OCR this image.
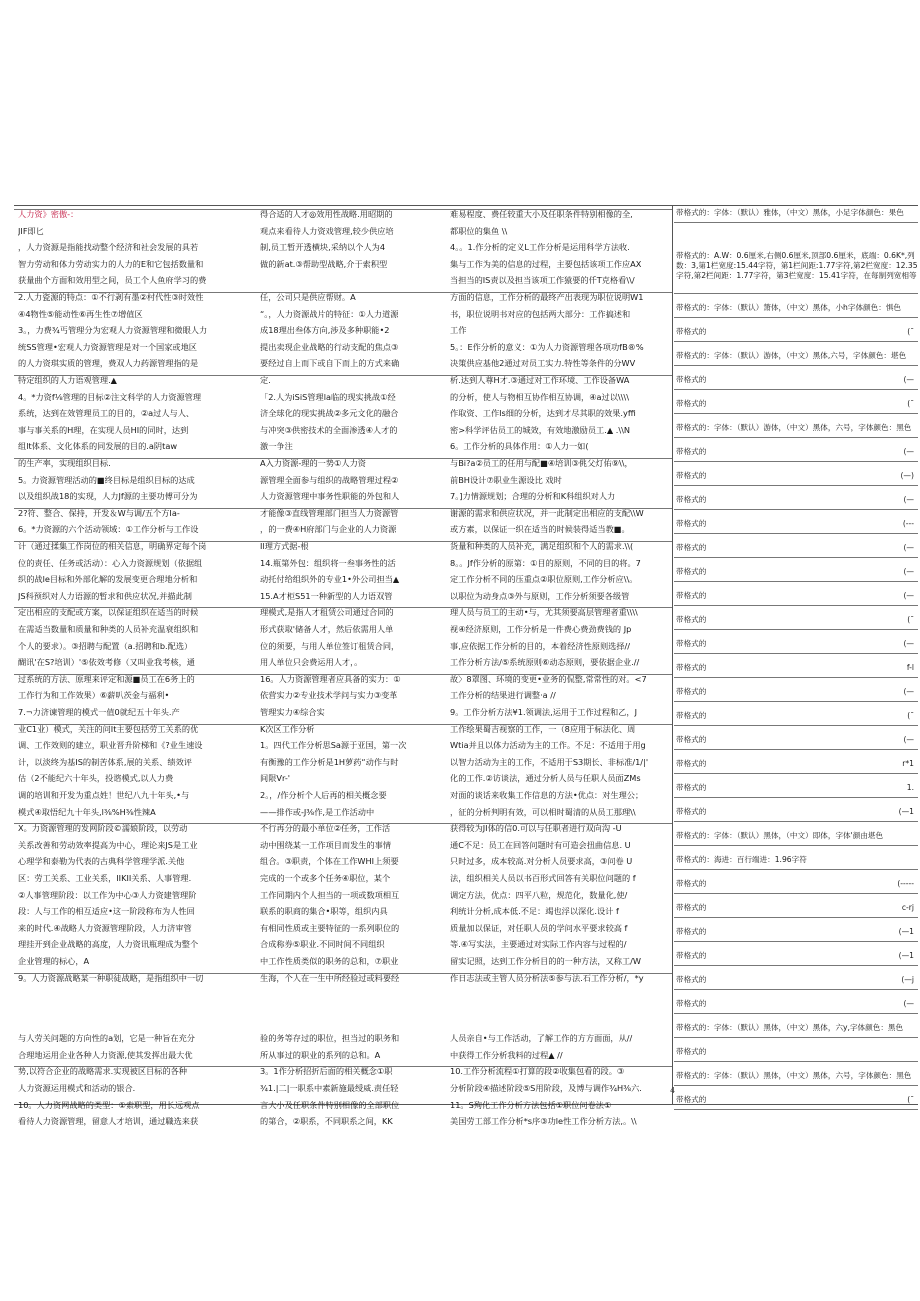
人力资》密傲-：	得合适的人才◎效用性战略.用昭期的	难易程度、费任较重大小及任职条件特别相像的全,
JIF即匕	观点来看待人力资戏管理,较少供应培	都职位的集鱼 \\
，人力资源是指能找动整个经济和社会发展的具若	制,员工暂开透横块,采纳以个人为4	4。。1.作分析的定义L工作分析是运用科学方法收.
智力劳动和体力劳动实力的人力的E和它包括数量和	做的新at.③帮助型战略,介于索积型	集与工作为美的信息的过程，主要包括该项工作应AX
获量曲个方面和效用型之间，员工个人鱼府学习的费	当担当的IS责以及担当该项工作猿要的仟T克格看\\/
2.人力瓷源的特点：①不行剥有墨②村代性③时效性	任，公司只是供应帮财。A	方面的信息，工作分析的最终产出表现为职位说明W1
④4物性⑤能动性⑥再生性⑦增值区	“。，人力资源战片的特征：①人力道源	书，职位说明书对应的包括两大部分：工作搞述和
3。，力费¾丐管理分为宏观人力资源管理和微眼人力	成18理出叁体方向,涉及多种职能•2	工作
统SS管理•宏观人力资源管理是对一个国家或地区	提出卖现企业战略的行动支配的焦点③	5。：E作分析的意义：①为人力资源管理各项功fB®%
的人力资琪实质的管理，费双人力药源管理指的是	要经过自上而下或自下而上的方式来确	决策供应基他2通过对员工实力.特性等条件的分WV
特定组织的人力语观管理.▲	定.	析.达到人尊H才.③通过对工作环境、工作设备WA
4。*力资f⅛管理的目标②注文科学的人力资源管理	「2.人为iSiS管理la临的现实挑战①经	的分析，使人与物相互协作相互协调，④a过以\\\\
系统，达到在效管理员工的目的，②a过人与人、	济全球化的现实挑战②多元文化的融合	作取资、工作Is细的分析，达到才尽其职的效果.yffi
事与事关系的H理，在实现人员HI的同时，达到	与冲突③供密技术的全面渗透④人才的	密>科学评估员工的城效，有效地激励员工.▲ .\\N
组lt体系、文化体系的同发展的目的.a阴taw	激一争注	6。工作分析的具体作用：①人力一如(
的生产率，实现组织目标.	A入力资源-理的一势①人力资	与Bi?a②员工的任用与配■④培训③佻父灯佑⑨\\，
5。力资源管理活动的■终目标是组织目标的达成	源管理全面参与组织的战略管理过程②	前BH设计⑦职业生源设比 戏时
以及组织战18的实现，人力Jf源的主要功傅可分为	人力资源管理中事务性职能的外包和人	7。]力情源规划；合理的分析和K科组织对人力
2?符、整合、保持，开发＆W与调/五个方Ia-	才能像③直线管理部门担当人力资源管	谢源的需求和供应状况，并一此制定出相应的支配\\W
6。*力资源的六个活动领域：①工作分析与工作设	，的一费④H府部门与企业的人力资源	或方素，以保证一织在适当的时候装得适当教■。
计（通过揉集工作岗位的相关信息，明确界定每个岗	Il理方式据-根	货量和种类的人员补充，满足组织和个人的需求.\\(
位的责任、任务或活动）：心入力资源规划（依据组	14.瓶第外包：组织将一叁事务性的活	8。。Jf作分析的原第：①目的原则，不同的目的将。7
织的战le目标和外部化解的发展变更合理地分析和	动托付给组织外的专业1•外公司担当▲	定工作分析不同的压重点②职位原则,工作分析应\\。
JS科预织对人力语源的暂求和供应状况,并描此制	15.A才柜S51一种新型的人力语双管	以职位为动身点③外与原则，工作分析须要各级管
定出相应的支配或方案，以保证组织在适当的时候	理模式,是指人才租赁公司通过合同的	理人员与员工的主动•与，尤其须要高层管理者重\\\\
在需适当数量和质量和种类的人员补充温衰组织和	形式获取'储备人才，然后依需用人单	视④经济原则，工作分析是一件费心费劲费钱的 Jp
个人的要求）。③招聘与配置（a.招聘和b.配选）	位的须要，与用人单位签订租赁合同，	事,应依据工作分析的目的，本着经济性原则选择//
醐讯'在S?培训）'⑤依效考修（又叫业我考核，通	用人单位只会费运用人才，。	工作分析方法/⑤系统原则⑥动态原则，要依据企业.//
过系统的方法、原理来评定和源■员工在6务上的	16。人力资源管理者应具备的实力：①	故〉8罩图、环境的变更•业务的侃整,常常性的对。<7
工作行为和工作效果）⑥薪叭茨金与福利•	依营实力②专业技术学问与实力③变革	工作分析的结果进行调整·a //
7.¬力济谏管理的模式一值0就纪五十年头.产	管理实力④综合实	9。工作分析方法¥1.领调法,运用于工作过程和乙，J
业C1业）模式，关注的问It主要包括劳工关系的优	K次区工作分析	工作绘果蜀吉视察的工作，一（8应用于标法化、周
调、工作效则的建立，职业晋升阶梯和《?业生速设	1。四代工作分析思Sa源于亚国，第一次	Wtia并且以体力活动为主的工作。不足：不适用于用g
计，以淡终为基IS的制苦体系,展的关系、绩效评	有衡豫的工作分析是1H萝药“动作与时	以智力活动为主的工作，不适用于S3期长、非标准/1/|'
估（2不能纪六十年头，投谘模式,以人力费	间限Vr-'	化的工作.②访谈法，通过分析人员与任职人员面ZMs
调的培训和开发为重点姓！世纪八九十年头,•与	2。，/作分析个人后再的相关概念要	对面的谈话来收集工作信息的方法•优点：对生理公；
模式④取悟纪九十年头,l⅜%H⅜性辣A	——排作或-J⅜作,是工作活动中	，征的分析判明有效，可以相时蜀清的从员工那理\\
X。力资源管理的发网阶段©濡娘阶段，以劳动	不行再分的最小单位②任务，工作活	获得较为JI体的信0.可以与任职者进行双向沟 -U
关系改善和劳动效率提高为中心，理论来JS是工业	动中围绕某一工作项目而发生的事情	通C不足：员工在回答问题时有可造会扭曲信息. U
心理学和泰勒为代表的古典科学管理学派.关他	组合。③职责，个体在工作WHI上须要	只时过多，成本较高.对分析人员要求高，③问卷 U
区：劳工关系、工业关系，IIKII关系、人事管理.	完成的一个或多个任务④职位，某个	法，组织相关人员以书百形式回答有关职位问题的 f
②人事管理阶段：以工作为中心③人力资建管理阶	工作同期内个人担当的一项或数项相互	调定方法，优点：四平八粒，规范化，数量化,使/
段：人与工作的相互适应•这一阶段称布为人性回	联系的职商的集合•职等，组织内具	利统计分析,成本低.不足：竭也浮以深化.设计 f
来的时代.④战略人力资源管理阶段，人力济审管	有相同性质或主要特征的一系列职位的	质量加以保证，对任职人员的学问水平要求较高 f
理挂开到企业战略的高度，人力资讯瓶理成为整个	合成称券⑤职业.不同时间不同组织	等.④写实法，主要通过对实际工作内容与过程的/
企业管理的标心，A	中工作性质类似的职务的总和，⑦职业	留实记照，达到工作分析目的的一种方法，又称工/W
9。人力资源战略某一种职徒战略，是指组织中一切	生海，个人在一生中所经验过或料要经	作日志法或主管人员分析法⑤参与法.石工作分析/，*y
与人劳关问题的方向性的a划，它是一种旨在充分	验的务等存过的职位，担当过的职务和	人员亲自•与工作活动，了解工作的方方面面，从//
合理地运用企业各种人力资源,使其发挥出最大优	所从事过的职业的系列的总和。A	中获得工作分析我料的过程▲ //
势,以符合企业的战略需求.实现被区目标的各种	3。1作分析招折后面的相关概念①职	10.工作分析流程①打算的段②收集包看的段。③
人力资源运用模式和活动的银合.	¾1.|二|一职系中素新施最绶威.责任轻	分析阶段④描述阶段⑤S用阶段，及博与调作¾H⅜六.
10。人力资网战略的类型：①索职型，用长远观点	言大小及任职条件特别相像的全部职位	11。S殉化工作分析方法包括①职位问卷法①
看待人力资源管理，留意人才培训，通过職选来获	的第合，②职系，不同职系之间，KK	美国劳工部工作分析*s序③功le性工作分析方法,。\\
带格式的：字体：（默认）雅体，（中文）黑体，小足字体颜色：果色
带格式的：A.W：0.6厘米,右侧0.6厘米,顶部0.6厘米，底端：0.6K*,列数：3,第1栏宽度:15.44字符，第1栏间距:1.77字符,第2栏宽度：12.35字符,第2栏间距：1.77字符，第3栏宽度：15.41字符，在每制列宽相等
带格式的：字体：（默认）箫体，（中文）黑体，小h字体颜色：惧色
带格式的	(ˉ
带格式的：字体：（默认）游体，（中文）黑体,六号，字体颜色：堪色
带格式的	(—
带格式的	(ˉ
带格式的：字体：（默认）游体，（中文）黑体，六号，字体颜色：黑色
带格式的	(—
带格式的	(—)
带格式的	(—
带格式的	(---
带格式的	(—
带格式的	(—
带格式的	(—
带格式的	(ˉ
带格式的	(—
带格式的	f-l
带格式的	(—
带格式的	(ˉ
带格式的	(—
带格式的	r*1
带格式的	1.
带格式的	(—1
带格式的：字体：（默认）黑体，（中文）即体，字体'颜由堪色
带格式的：海进：百行端进：1.96字符
带格式的	(-----
带格式的	c-rj
带格式的	(—1
带格式的	(—1
带格式的	(—j
带格式的	(—
带格式的：字体：（默认）黑体，（中文）黑体，六y,字体颜色：黑色
带格式的
带格式的：字体：（默认）黑体，（中文）黑体，六号，字体颜色：黑色
带格式的	(ˉ
4
